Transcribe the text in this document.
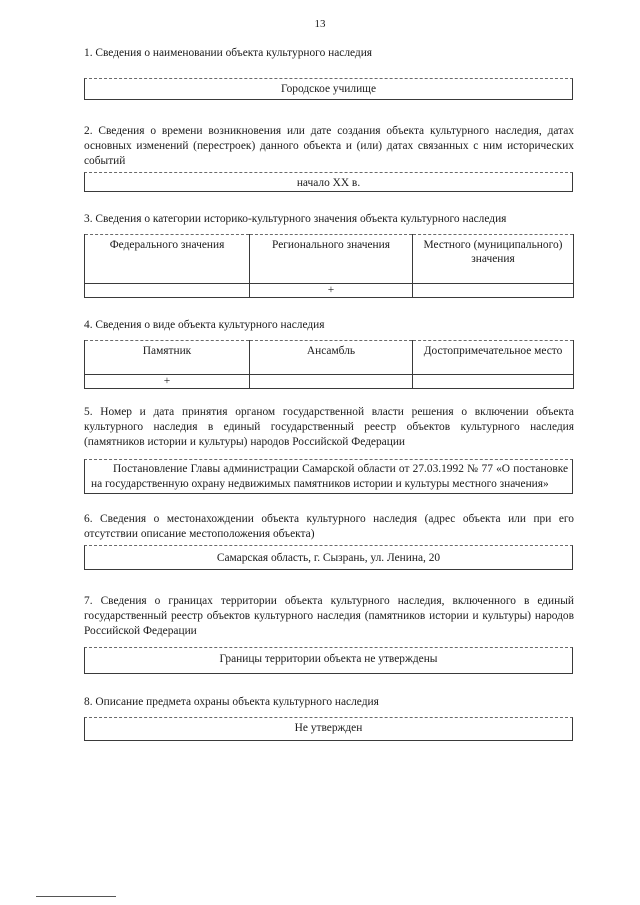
13
1. Сведения о наименовании объекта культурного наследия
Городское училище
2. Сведения о времени возникновения или дате создания объекта культурного наследия, датах основных изменений (перестроек) данного объекта и (или) датах связанных с ним исторических событий
начало XX в.
3. Сведения о категории историко-культурного значения объекта культурного наследия
Федерального значения	Регионального значения	Местного (муниципального) значения
	+	
4. Сведения о виде объекта культурного наследия
Памятник	Ансамбль	Достопримечательное место
+		
5. Номер и дата принятия органом государственной власти решения о включении объекта культурного наследия в единый государственный реестр объектов культурного наследия (памятников истории и культуры) народов Российской Федерации
Постановление Главы администрации Самарской области от 27.03.1992 № 77 «О постановке на государственную охрану недвижимых памятников истории и культуры местного значения»
6. Сведения о местонахождении объекта культурного наследия (адрес объекта или при его отсутствии описание местоположения объекта)
Самарская область, г. Сызрань, ул. Ленина, 20
7. Сведения о границах территории объекта культурного наследия, включенного в единый государственный реестр объектов культурного наследия (памятников истории и культуры) народов Российской Федерации
Границы территории объекта не утверждены
8. Описание предмета охраны объекта культурного наследия
Не утвержден
